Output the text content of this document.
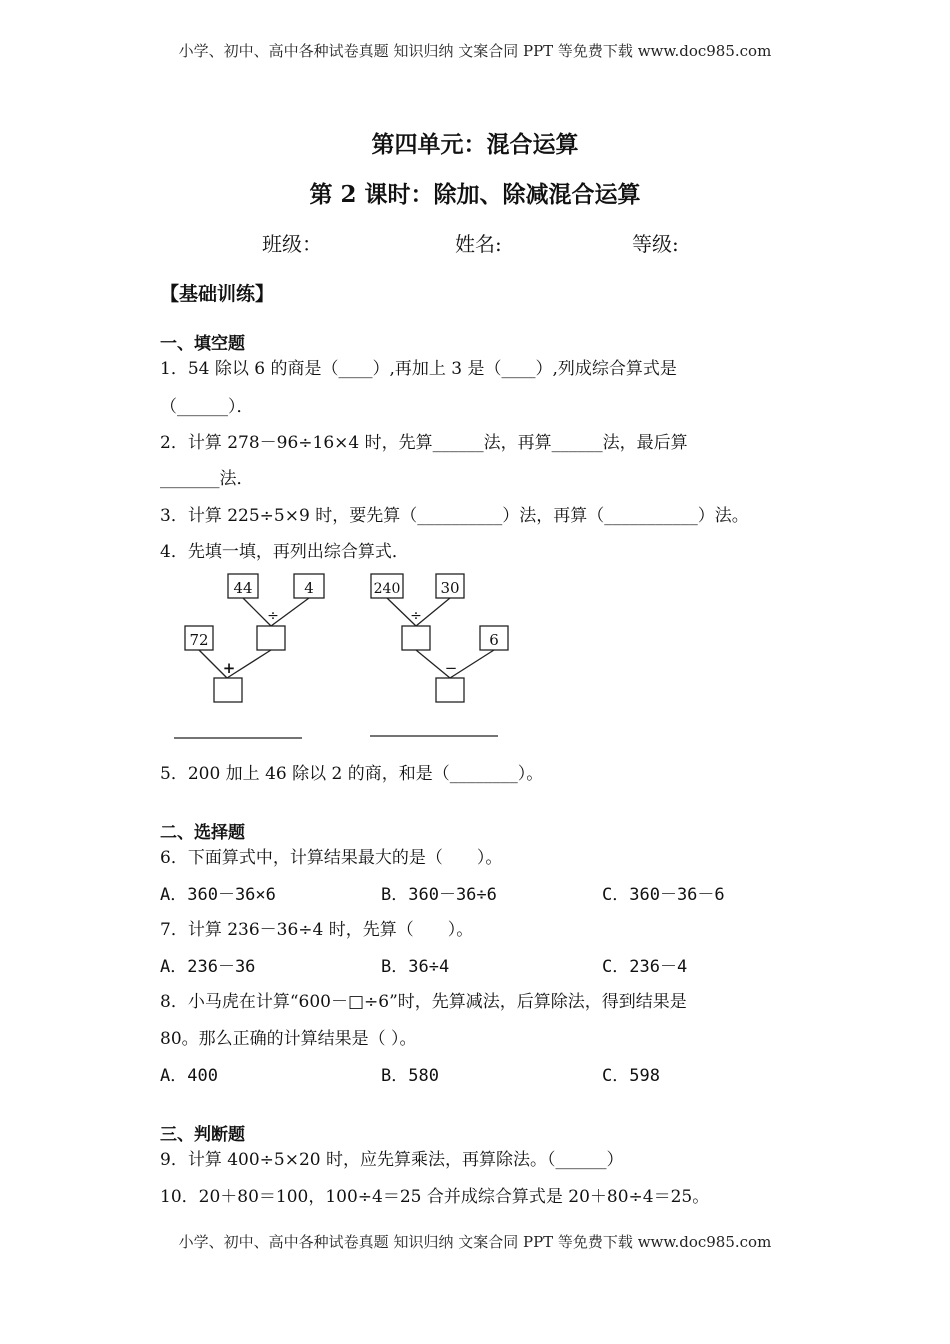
小学、初中、高中各种试卷真题 知识归纳 文案合同 PPT 等免费下载 www.doc985.com
第四单元：混合运算
第 2 课时：除加、除减混合运算
班级：	姓名:	等级:
【基础训练】
一、填空题
1．54 除以 6 的商是（____）,再加上 3 是（____）,列成综合算式是
（______）．
2．计算 278－96÷16×4 时，先算______法，再算______法，最后算
_______法．
3．计算 225÷5×9 时，要先算（__________）法，再算（___________）法。
4．先填一填，再列出综合算式．
44	4
÷
72
+
240	30
÷
6
−
5．200 加上 46 除以 2 的商，和是（________）。
二、选择题
6．下面算式中，计算结果最大的是（　　）。
A．360－36×6	B．360－36÷6	C．360－36－6
7．计算 236－36÷4 时，先算（　　）。
A．236－36	B．36÷4	C．236－4
8．小马虎在计算“600－□÷6”时，先算减法，后算除法，得到结果是
80。那么正确的计算结果是（ ）。
A．400	B．580	C．598
三、判断题
9．计算 400÷5×20 时，应先算乘法，再算除法。（______）
10．20＋80＝100，100÷4＝25 合并成综合算式是 20＋80÷4＝25。
小学、初中、高中各种试卷真题 知识归纳 文案合同 PPT 等免费下载 www.doc985.com
